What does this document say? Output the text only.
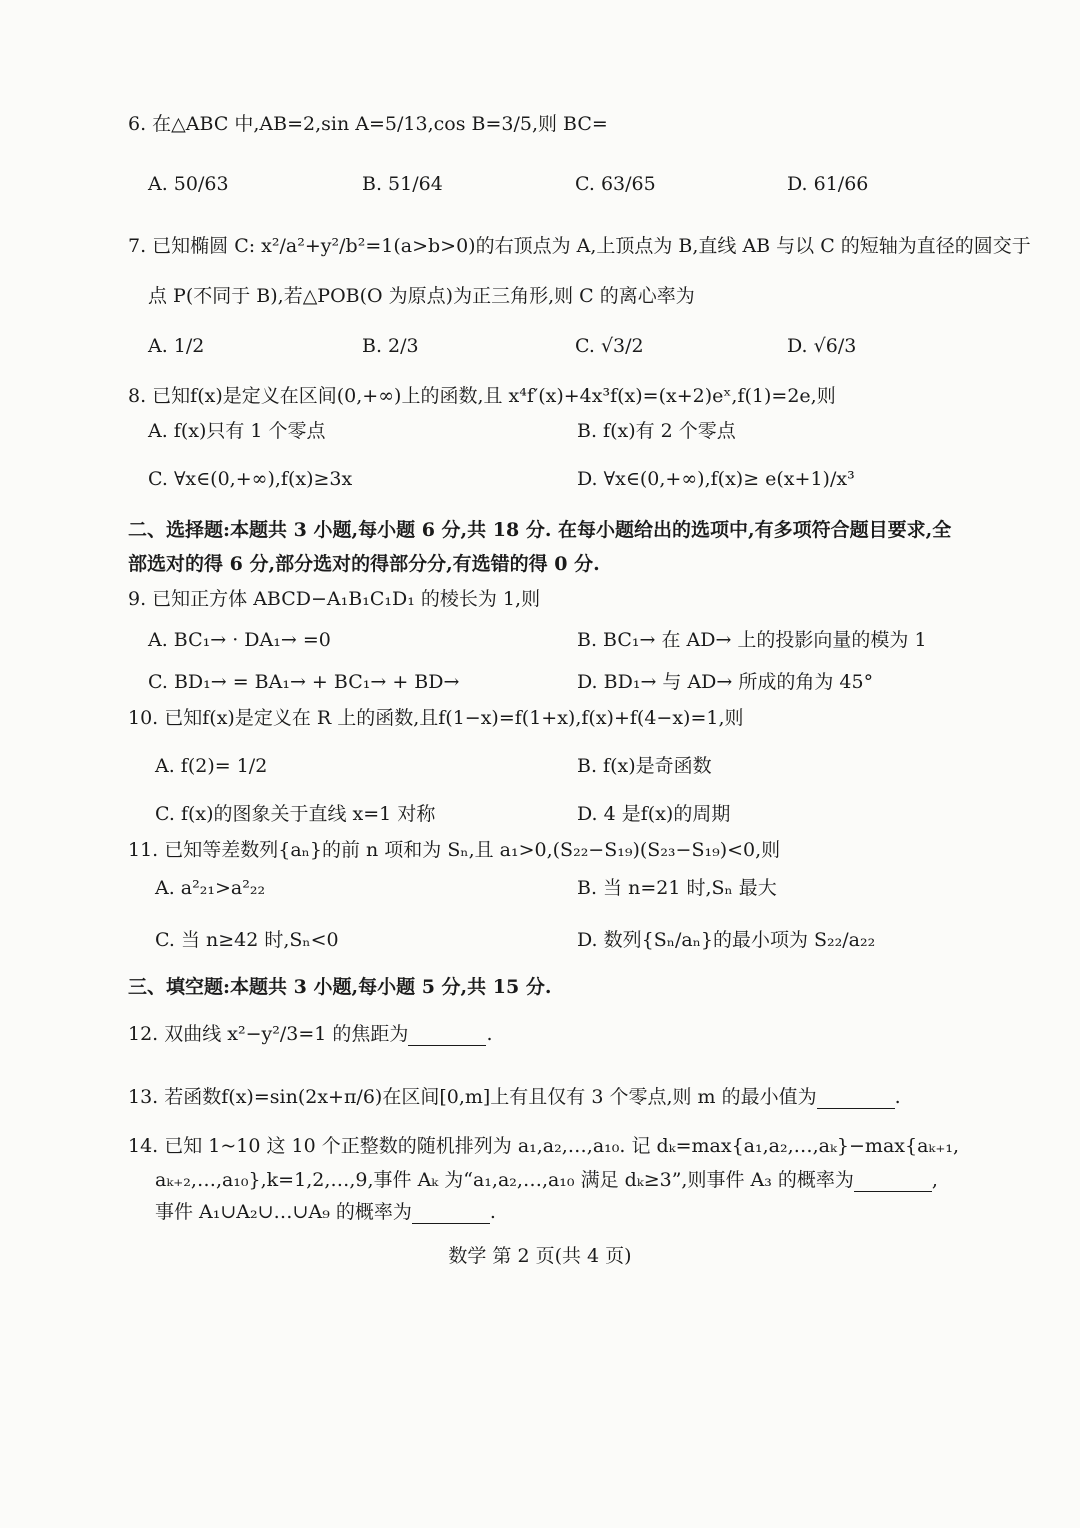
6. 在△ABC 中,AB=2,sin A=5/13,cos B=3/5,则 BC=
A. 50/63	B. 51/64	C. 63/65	D. 61/66
7. 已知椭圆 C: x²/a²+y²/b²=1(a>b>0)的右顶点为 A,上顶点为 B,直线 AB 与以 C 的短轴为直径的圆交于
点 P(不同于 B),若△POB(O 为原点)为正三角形,则 C 的离心率为
A. 1/2	B. 2/3	C. √3/2	D. √6/3
8. 已知f(x)是定义在区间(0,+∞)上的函数,且 x⁴f′(x)+4x³f(x)=(x+2)eˣ,f(1)=2e,则
A. f(x)只有 1 个零点	B. f(x)有 2 个零点
C. ∀x∈(0,+∞),f(x)≥3x	D. ∀x∈(0,+∞),f(x)≥ e(x+1)/x³
二、选择题:本题共 3 小题,每小题 6 分,共 18 分. 在每小题给出的选项中,有多项符合题目要求,全
部选对的得 6 分,部分选对的得部分分,有选错的得 0 分.
9. 已知正方体 ABCD−A₁B₁C₁D₁ 的棱长为 1,则
A. BC₁→ · DA₁→ =0	B. BC₁→ 在 AD→ 上的投影向量的模为 1
C. BD₁→ = BA₁→ + BC₁→ + BD→	D. BD₁→ 与 AD→ 所成的角为 45°
10. 已知f(x)是定义在 R 上的函数,且f(1−x)=f(1+x),f(x)+f(4−x)=1,则
A. f(2)= 1/2	B. f(x)是奇函数
C. f(x)的图象关于直线 x=1 对称	D. 4 是f(x)的周期
11. 已知等差数列{aₙ}的前 n 项和为 Sₙ,且 a₁>0,(S₂₂−S₁₉)(S₂₃−S₁₉)<0,则
A. a²₂₁>a²₂₂	B. 当 n=21 时,Sₙ 最大
C. 当 n≥42 时,Sₙ<0	D. 数列{Sₙ/aₙ}的最小项为 S₂₂/a₂₂
三、填空题:本题共 3 小题,每小题 5 分,共 15 分.
12. 双曲线 x²−y²/3=1 的焦距为	.
13. 若函数f(x)=sin(2x+π/6)在区间[0,m]上有且仅有 3 个零点,则 m 的最小值为	.
14. 已知 1~10 这 10 个正整数的随机排列为 a₁,a₂,…,a₁₀. 记 dₖ=max{a₁,a₂,…,aₖ}−max{aₖ₊₁,
aₖ₊₂,…,a₁₀},k=1,2,…,9,事件 Aₖ 为“a₁,a₂,…,a₁₀ 满足 dₖ≥3”,则事件 A₃ 的概率为	,
事件 A₁∪A₂∪…∪A₉ 的概率为	.
数学 第 2 页(共 4 页)
